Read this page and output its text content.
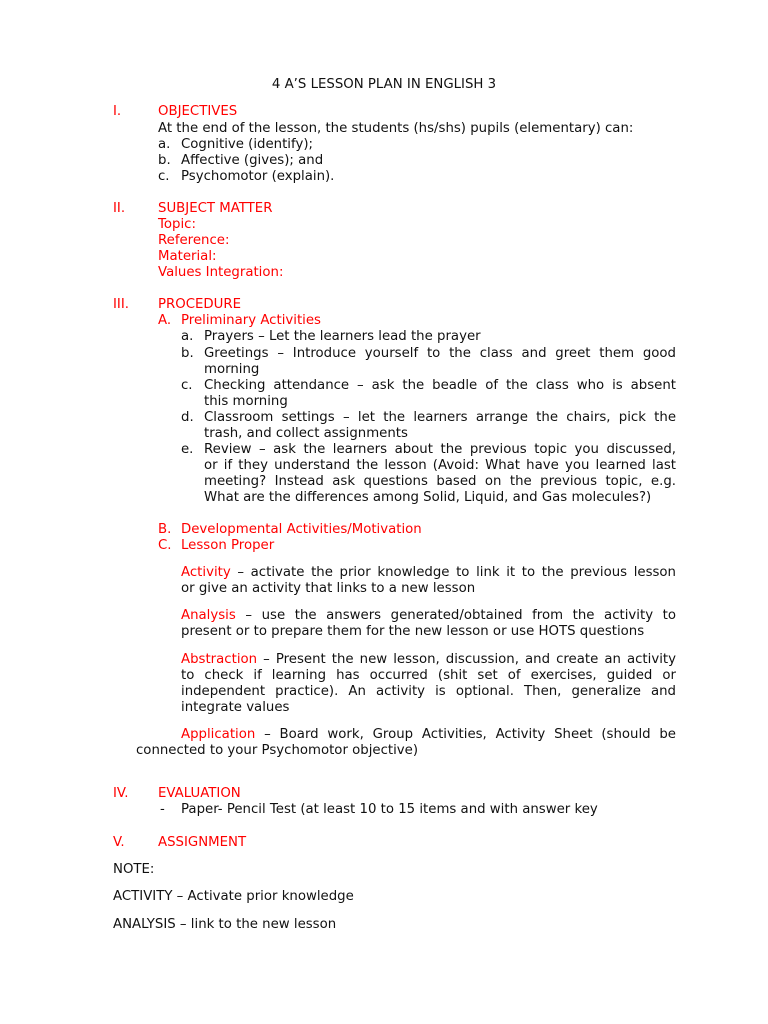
4 A’S LESSON PLAN IN ENGLISH 3
I.	OBJECTIVES
At the end of the lesson, the students (hs/shs) pupils (elementary) can:
a. Cognitive (identify);
b. Affective (gives); and
c. Psychomotor (explain).
II. SUBJECT MATTER
Topic:
Reference:
Material:
Values Integration:
III. PROCEDURE
A. Preliminary Activities
a. Prayers – Let the learners lead the prayer
b. Greetings – Introduce yourself to the class and greet them good
morning
c. Checking attendance – ask the beadle of the class who is absent
this morning
d. Classroom settings – let the learners arrange the chairs, pick the
trash, and collect assignments
e. Review – ask the learners about the previous topic you discussed,
or if they understand the lesson (Avoid: What have you learned last
meeting? Instead ask questions based on the previous topic, e.g.
What are the differences among Solid, Liquid, and Gas molecules?)
B. Developmental Activities/Motivation
C. Lesson Proper
Activity – activate the prior knowledge to link it to the previous lesson
or give an activity that links to a new lesson
Analysis – use the answers generated/obtained from the activity to
present or to prepare them for the new lesson or use HOTS questions
Abstraction – Present the new lesson, discussion, and create an activity
to check if learning has occurred (shit set of exercises, guided or
independent practice). An activity is optional. Then, generalize and
integrate values
Application – Board work, Group Activities, Activity Sheet (should be
connected to your Psychomotor objective)
IV. EVALUATION
- Paper- Pencil Test (at least 10 to 15 items and with answer key
V.	ASSIGNMENT
NOTE:
ACTIVITY – Activate prior knowledge
ANALYSIS – link to the new lesson
